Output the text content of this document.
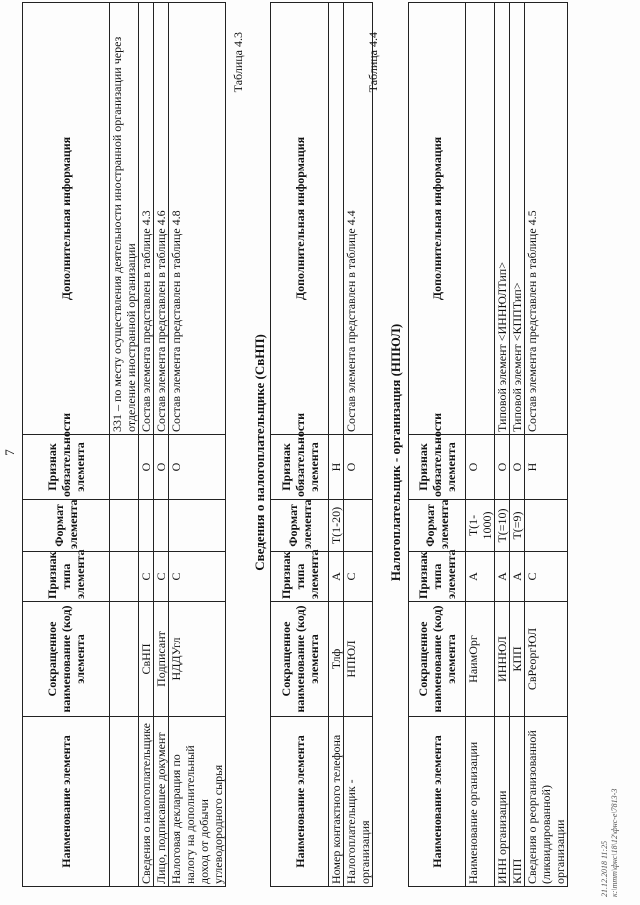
7
Наименование элемента	Сокращенное наименование (код) элемента	Признак типа элемента	Формат элемента	Признак обязательности элемента	Дополнительная информация
					331 – по месту осуществления деятельности иностранной организации через отделение иностранной организации
Сведения о налогоплательщике	СвНП	С		О	Состав элемента представлен в таблице 4.3
Лицо, подписавшее документ	Подписант	С		О	Состав элемента представлен в таблице 4.6
Налоговая декларация по налогу на дополнительный доход от добычи углеводородного сырья	НДДУгл	С		О	Состав элемента представлен в таблице 4.8
Таблица 4.3
Сведения о налогоплательщике (СвНП)
Наименование элемента	Сокращенное наименование (код) элемента	Признак типа элемента	Формат элемента	Признак обязательности элемента	Дополнительная информация
Номер контактного телефона	Тлф	А	T(1-20)	Н	
Налогоплательщик - организация	НПЮЛ	С		О	Состав элемента представлен в таблице 4.4
Таблица 4.4
Налогоплательщик - организация (НПЮЛ)
Наименование элемента	Сокращенное наименование (код) элемента	Признак типа элемента	Формат элемента	Признак обязательности элемента	Дополнительная информация
Наименование организации	НаимОрг	А	T(1-1000)	О	
ИНН организации	ИННЮЛ	А	T(=10)	О	Типовой элемент <ИННЮЛТип>
КПП	КПП	А	T(=9)	О	Типовой элемент <КППТип>
Сведения о реорганизованной (ликвидированной) организации	СвРеоргЮЛ	С		Н	Состав элемента представлен в таблице 4.5
21.12.2018 11:25 к:\ттт\фнс\18\12\фнс-е\7813-3
